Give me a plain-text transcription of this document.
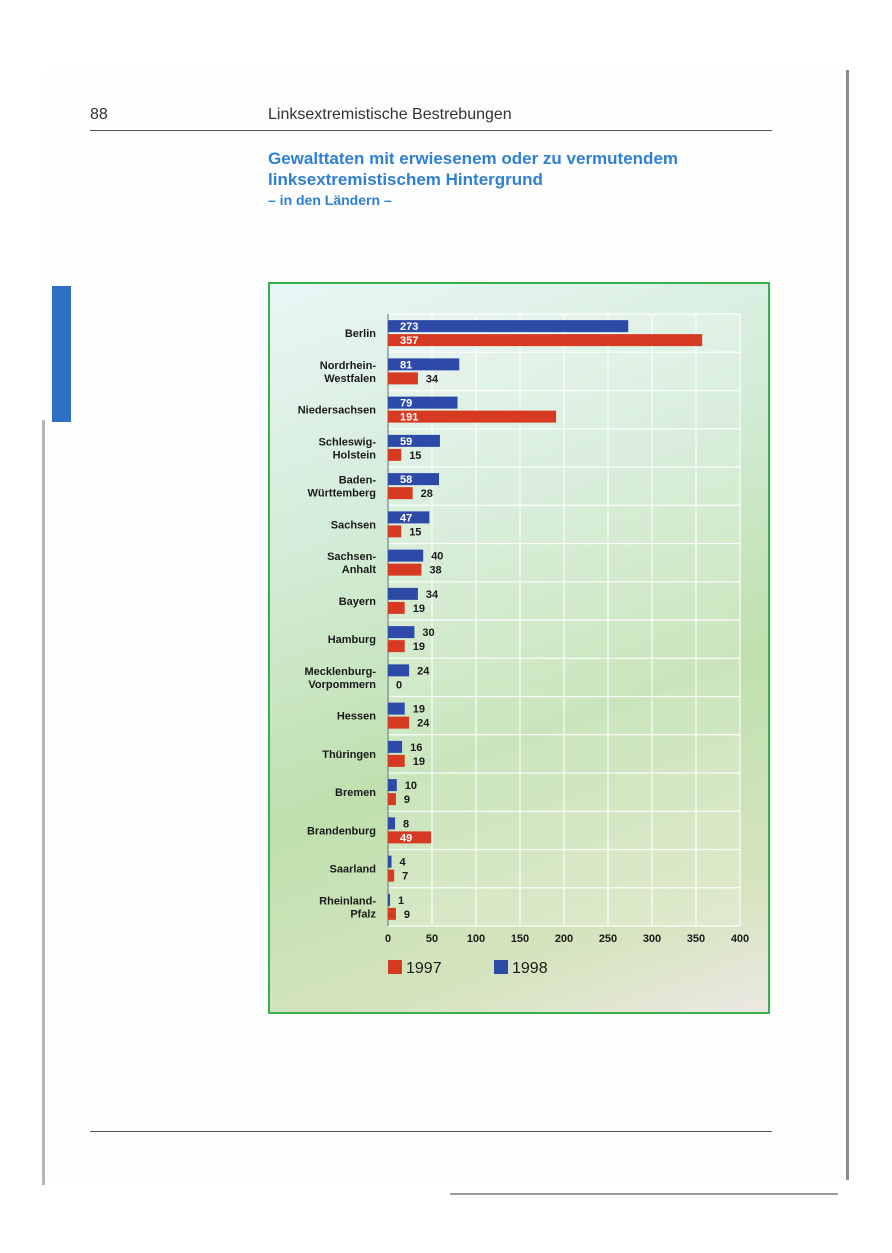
88	Linksextremistische Bestrebungen
Gewalttaten mit erwiesenem oder zu vermutendem linksextremistischem Hintergrund
– in den Ländern –
0	50	100 150 200 250 300 350 400
Berlin
273
357
Nordrhein-Westfalen
81
34
Niedersachsen
79
191
Schleswig-Holstein
59
15
Baden-Württemberg
58
28
Sachsen
47
15
Sachsen-Anhalt
40
38
Bayern
34
19
Hamburg
30
19
Mecklenburg-Vorpommern
24
0
Hessen
19
24
Thüringen
16
19
Bremen
10
9
Brandenburg
8
49
Saarland
4
7
Rheinland-Pfalz
1
9
1997	1998
